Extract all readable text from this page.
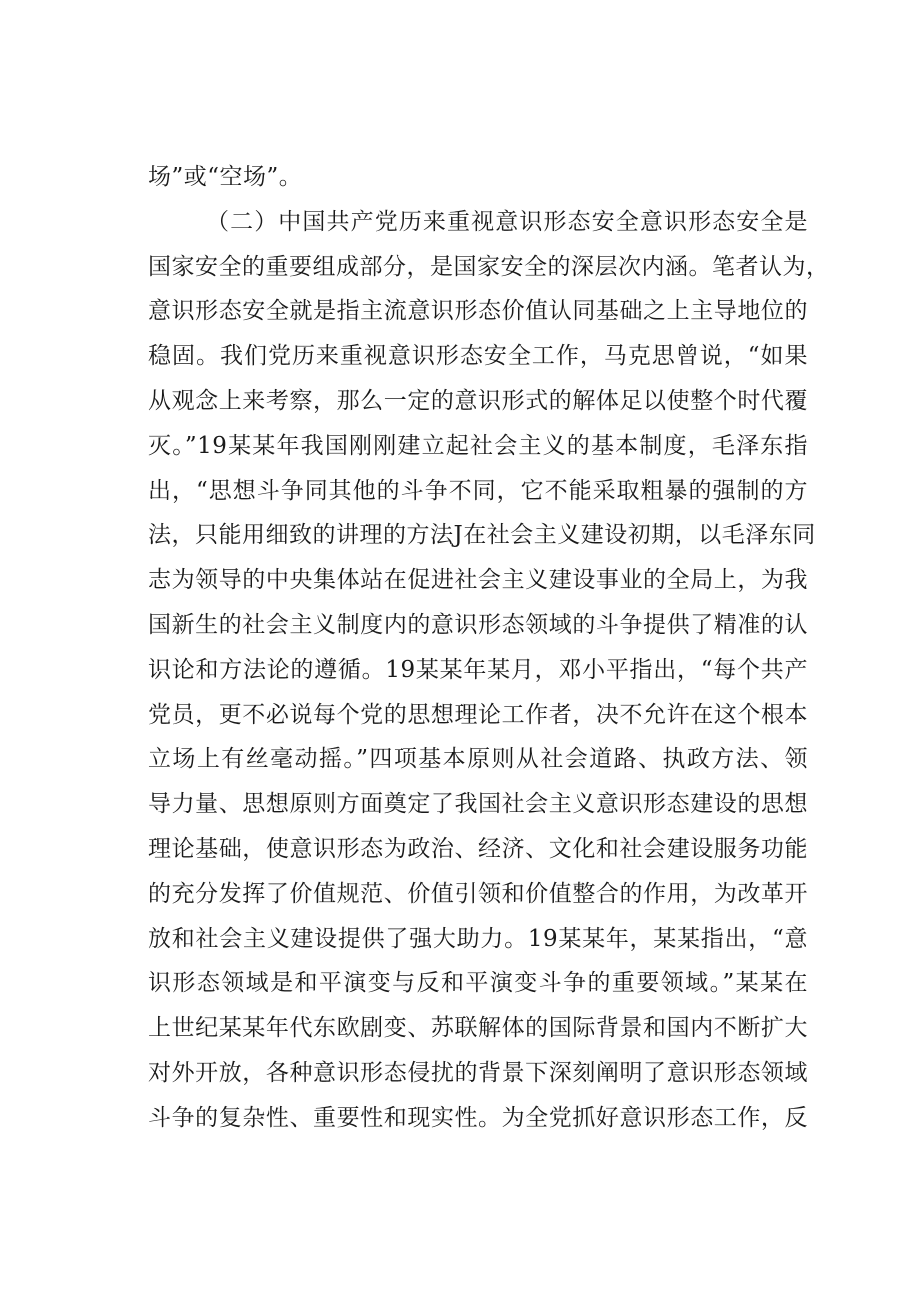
场”或“空场”。
（二）中国共产党历来重视意识形态安全意识形态安全是
国家安全的重要组成部分，是国家安全的深层次内涵。笔者认为，
意识形态安全就是指主流意识形态价值认同基础之上主导地位的
稳固。我们党历来重视意识形态安全工作，马克思曾说，“如果
从观念上来考察，那么一定的意识形式的解体足以使整个时代覆
灭。”19某某年我国刚刚建立起社会主义的基本制度，毛泽东指
出，“思想斗争同其他的斗争不同，它不能采取粗暴的强制的方
法，只能用细致的讲理的方法J在社会主义建设初期，以毛泽东同
志为领导的中央集体站在促进社会主义建设事业的全局上，为我
国新生的社会主义制度内的意识形态领域的斗争提供了精准的认
识论和方法论的遵循。19某某年某月，邓小平指出，“每个共产
党员，更不必说每个党的思想理论工作者，决不允许在这个根本
立场上有丝毫动摇。”四项基本原则从社会道路、执政方法、领
导力量、思想原则方面奠定了我国社会主义意识形态建设的思想
理论基础，使意识形态为政治、经济、文化和社会建设服务功能
的充分发挥了价值规范、价值引领和价值整合的作用，为改革开
放和社会主义建设提供了强大助力。19某某年，某某指出，“意
识形态领域是和平演变与反和平演变斗争的重要领域。”某某在
上世纪某某年代东欧剧变、苏联解体的国际背景和国内不断扩大
对外开放，各种意识形态侵扰的背景下深刻阐明了意识形态领域
斗争的复杂性、重要性和现实性。为全党抓好意识形态工作，反
